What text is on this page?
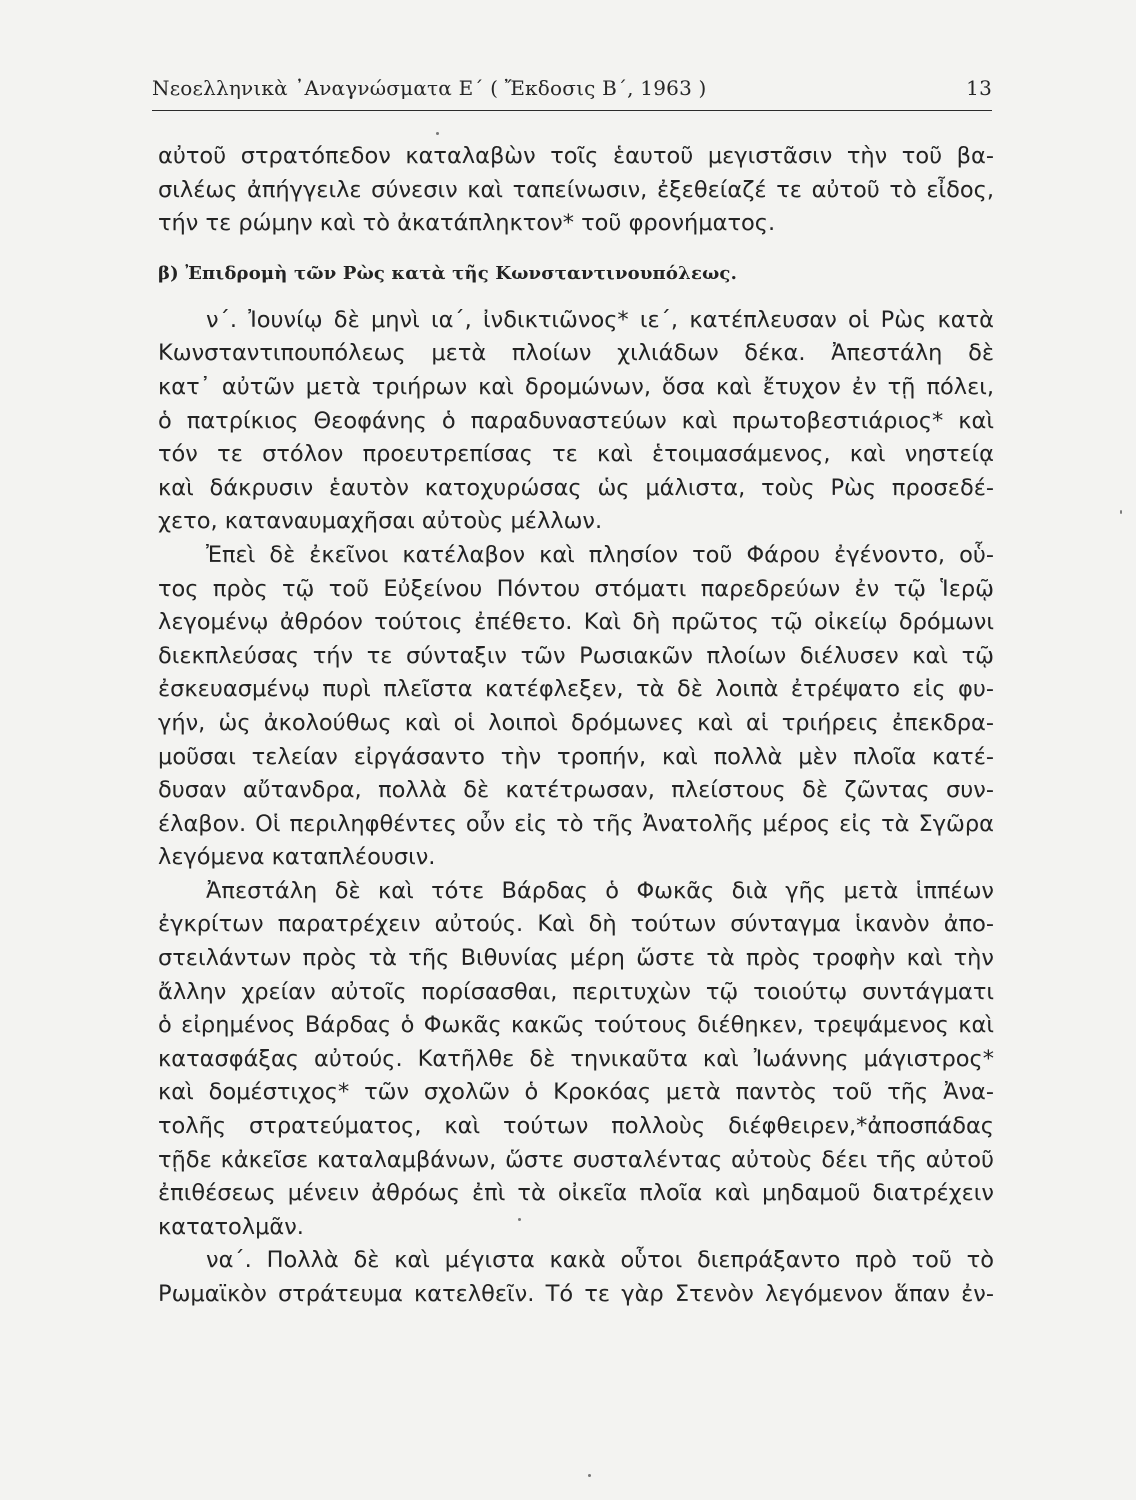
Νεοελληνικὰ ᾿Αναγνώσματα Ε΄ ( Ἔκδοσις Β΄, 1963 )	13
αὐτοῦ στρατόπεδον καταλαβὼν τοῖς ἑαυτοῦ μεγιστᾶσιν τὴν τοῦ βα-
σιλέως ἀπήγγειλε σύνεσιν καὶ ταπείνωσιν, ἐξεθείαζέ τε αὐτοῦ τὸ εἶδος,
τήν τε ρώμην καὶ τὸ ἀκατάπληκτον* τοῦ φρονήματος.
β) Ἐπιδρομὴ τῶν Ρὼς κατὰ τῆς Κωνσταντινουπόλεως.
ν΄. Ἰουνίῳ δὲ μηνὶ ια΄, ἰνδικτιῶνος* ιε΄, κατέπλευσαν οἱ Ρὼς κατὰ
Κωνσταντιπουπόλεως μετὰ πλοίων χιλιάδων δέκα. Ἀπεστάλη δὲ
κατ᾽ αὐτῶν μετὰ τριήρων καὶ δρομώνων, ὅσα καὶ ἔτυχον ἐν τῇ πόλει,
ὁ πατρίκιος Θεοφάνης ὁ παραδυναστεύων καὶ πρωτοβεστιάριος* καὶ
τόν τε στόλον προευτρεπίσας τε καὶ ἑτοιμασάμενος, καὶ νηστείᾳ
καὶ δάκρυσιν ἑαυτὸν κατοχυρώσας ὡς μάλιστα, τοὺς Ρὼς προσεδέ-
χετο, καταναυμαχῆσαι αὐτοὺς μέλλων.
Ἐπεὶ δὲ ἐκεῖνοι κατέλαβον καὶ πλησίον τοῦ Φάρου ἐγένοντο, οὗ-
τος πρὸς τῷ τοῦ Εὐξείνου Πόντου στόματι παρεδρεύων ἐν τῷ Ἱερῷ
λεγομένῳ ἀθρόον τούτοις ἐπέθετο. Καὶ δὴ πρῶτος τῷ οἰκείῳ δρόμωνι
διεκπλεύσας τήν τε σύνταξιν τῶν Ρωσιακῶν πλοίων διέλυσεν καὶ τῷ
ἐσκευασμένῳ πυρὶ πλεῖστα κατέφλεξεν, τὰ δὲ λοιπὰ ἐτρέψατο εἰς φυ-
γήν, ὡς ἀκολούθως καὶ οἱ λοιποὶ δρόμωνες καὶ αἱ τριήρεις ἐπεκδρα-
μοῦσαι τελείαν εἰργάσαντο τὴν τροπήν, καὶ πολλὰ μὲν πλοῖα κατέ-
δυσαν αὔτανδρα, πολλὰ δὲ κατέτρωσαν, πλείστους δὲ ζῶντας συν-
έλαβον. Οἱ περιληφθέντες οὖν εἰς τὸ τῆς Ἀνατολῆς μέρος εἰς τὰ Σγῶρα
λεγόμενα καταπλέουσιν.
Ἀπεστάλη δὲ καὶ τότε Βάρδας ὁ Φωκᾶς διὰ γῆς μετὰ ἱππέων
ἐγκρίτων παρατρέχειν αὐτούς. Καὶ δὴ τούτων σύνταγμα ἱκανὸν ἀπο-
στειλάντων πρὸς τὰ τῆς Βιθυνίας μέρη ὥστε τὰ πρὸς τροφὴν καὶ τὴν
ἄλλην χρείαν αὐτοῖς πορίσασθαι, περιτυχὼν τῷ τοιούτῳ συντάγματι
ὁ εἰρημένος Βάρδας ὁ Φωκᾶς κακῶς τούτους διέθηκεν, τρεψάμενος καὶ
κατασφάξας αὐτούς. Κατῆλθε δὲ τηνικαῦτα καὶ Ἰωάννης μάγιστρος*
καὶ δομέστιχος* τῶν σχολῶν ὁ Κροκόας μετὰ παντὸς τοῦ τῆς Ἀνα-
τολῆς στρατεύματος, καὶ τούτων πολλοὺς διέφθειρεν,*ἀποσπάδας
τῇδε κἀκεῖσε καταλαμβάνων, ὥστε συσταλέντας αὐτοὺς δέει τῆς αὐτοῦ
ἐπιθέσεως μένειν ἀθρόως ἐπὶ τὰ οἰκεῖα πλοῖα καὶ μηδαμοῦ διατρέχειν
κατατολμᾶν.
να΄. Πολλὰ δὲ καὶ μέγιστα κακὰ οὗτοι διεπράξαντο πρὸ τοῦ τὸ
Ρωμαϊκὸν στράτευμα κατελθεῖν. Τό τε γὰρ Στενὸν λεγόμενον ἅπαν ἐν-
